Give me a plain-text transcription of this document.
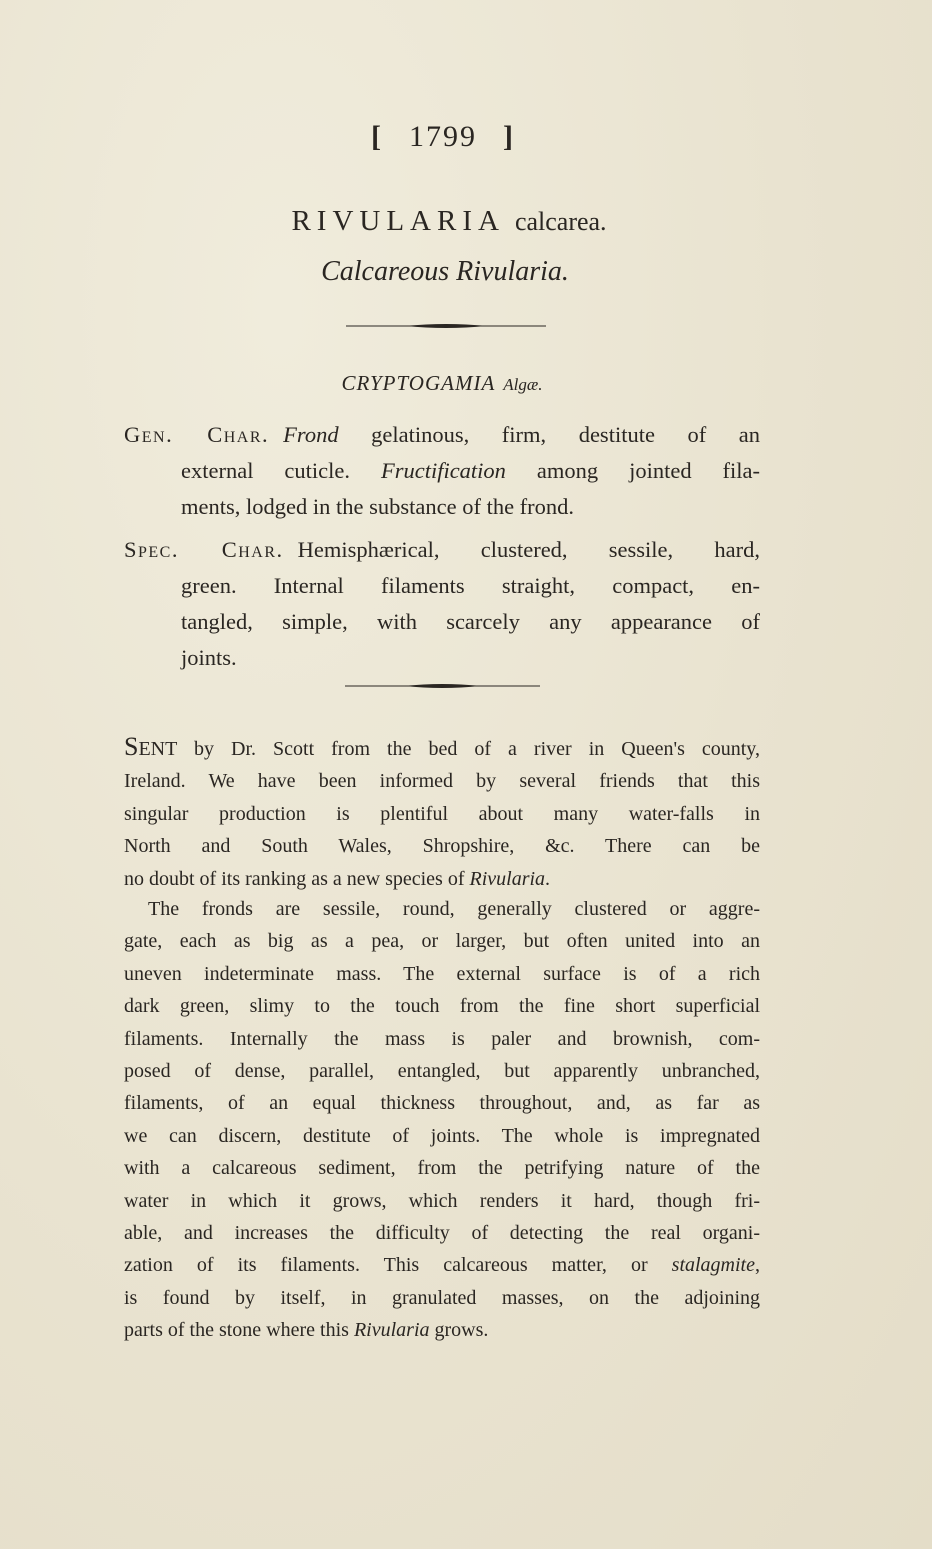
[ 1799 ]
RIVULARIA calcarea.
Calcareous Rivularia.
CRYPTOGAMIA Algæ.
Gen. Char. Frond gelatinous, firm, destitute of an
external cuticle. Fructification among jointed fila-
ments, lodged in the substance of the frond.
Spec. Char. Hemisphærical, clustered, sessile, hard,
green. Internal filaments straight, compact, en-
tangled, simple, with scarcely any appearance of
joints.
SENT by Dr. Scott from the bed of a river in Queen's county,
Ireland. We have been informed by several friends that this
singular production is plentiful about many water-falls in
North and South Wales, Shropshire, &c. There can be
no doubt of its ranking as a new species of Rivularia.
The fronds are sessile, round, generally clustered or aggre-
gate, each as big as a pea, or larger, but often united into an
uneven indeterminate mass. The external surface is of a rich
dark green, slimy to the touch from the fine short superficial
filaments. Internally the mass is paler and brownish, com-
posed of dense, parallel, entangled, but apparently unbranched,
filaments, of an equal thickness throughout, and, as far as
we can discern, destitute of joints. The whole is impregnated
with a calcareous sediment, from the petrifying nature of the
water in which it grows, which renders it hard, though fri-
able, and increases the difficulty of detecting the real organi-
zation of its filaments. This calcareous matter, or stalagmite,
is found by itself, in granulated masses, on the adjoining
parts of the stone where this Rivularia grows.
